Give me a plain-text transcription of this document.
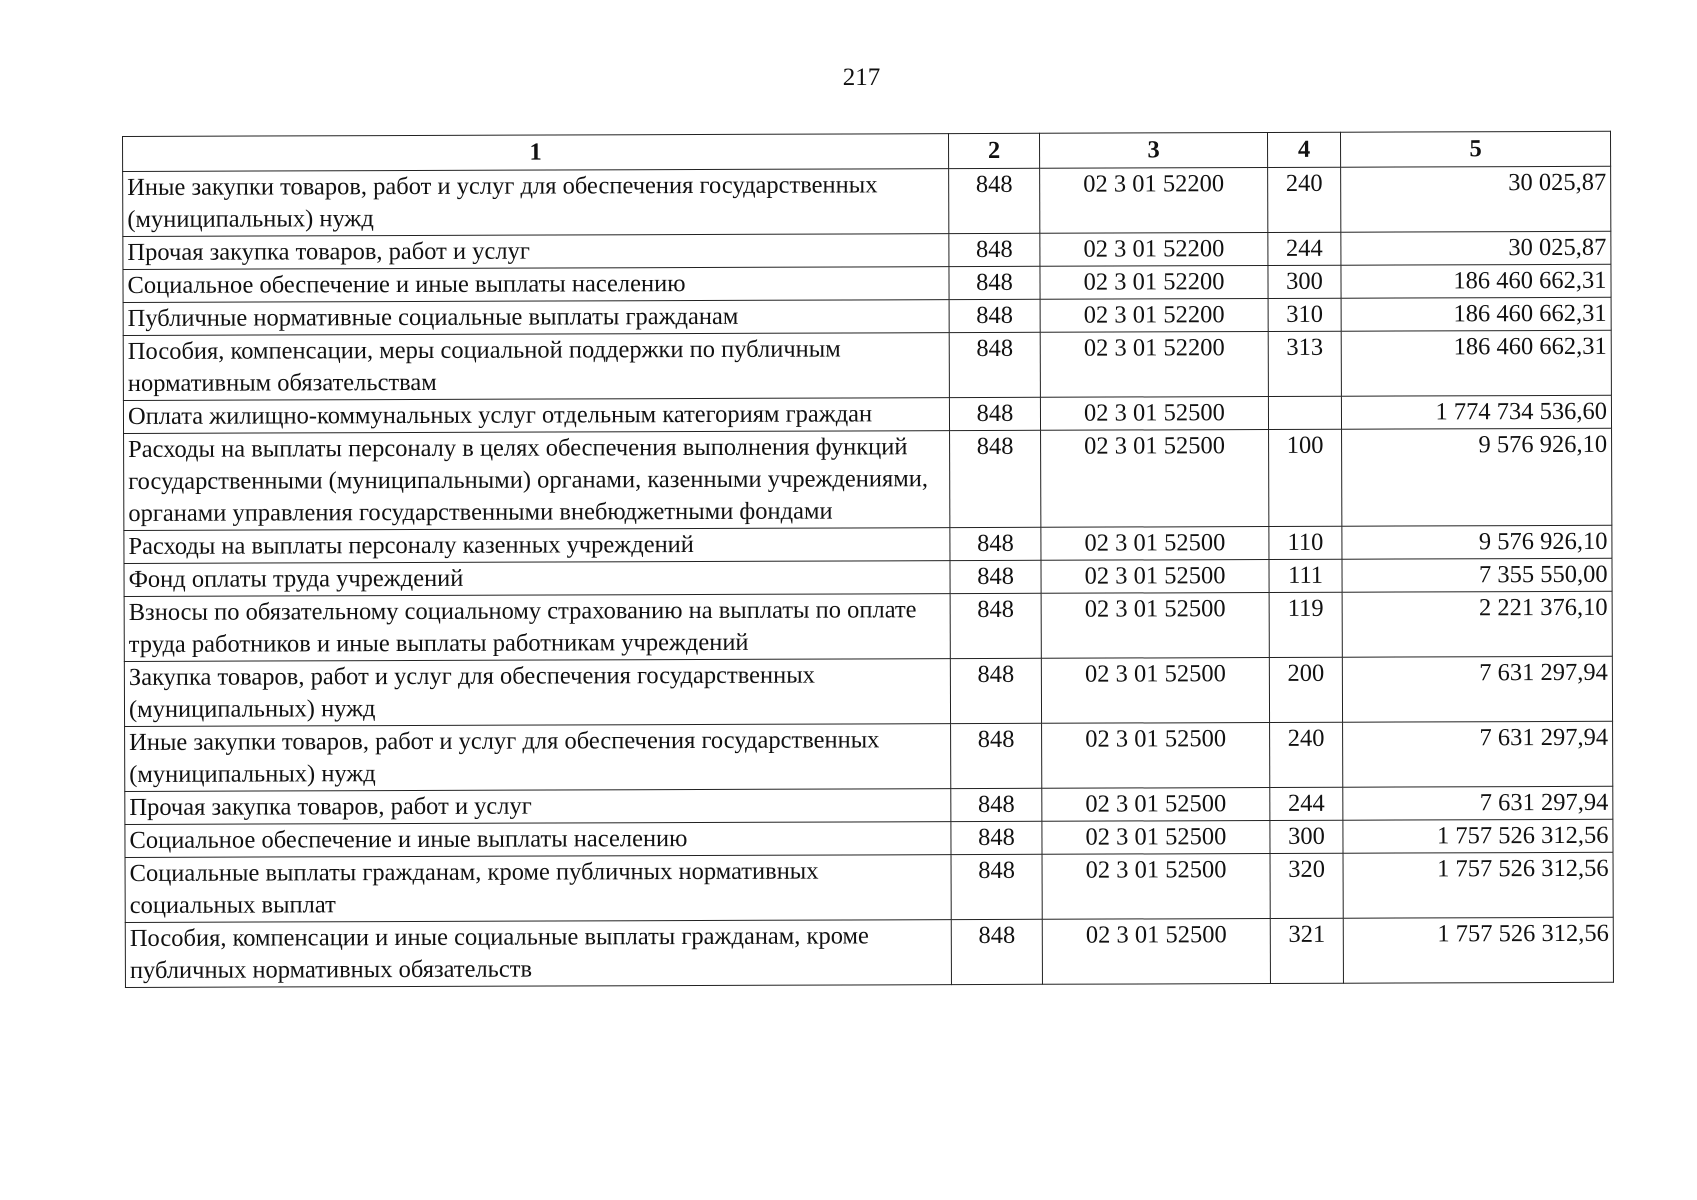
217
1	2	3	4	5
Иные закупки товаров, работ и услуг для обеспечения государственных (муниципальных) нужд	848	02 3 01 52200	240	30 025,87
Прочая закупка товаров, работ и услуг	848	02 3 01 52200	244	30 025,87
Социальное обеспечение и иные выплаты населению	848	02 3 01 52200	300	186 460 662,31
Публичные нормативные социальные выплаты гражданам	848	02 3 01 52200	310	186 460 662,31
Пособия, компенсации, меры социальной поддержки по публичным нормативным обязательствам	848	02 3 01 52200	313	186 460 662,31
Оплата жилищно-коммунальных услуг отдельным категориям граждан	848	02 3 01 52500		1 774 734 536,60
Расходы на выплаты персоналу в целях обеспечения выполнения функций государственными (муниципальными) органами, казенными учреждениями, органами управления государственными внебюджетными фондами	848	02 3 01 52500	100	9 576 926,10
Расходы на выплаты персоналу казенных учреждений	848	02 3 01 52500	110	9 576 926,10
Фонд оплаты труда учреждений	848	02 3 01 52500	111	7 355 550,00
Взносы по обязательному социальному страхованию на выплаты по оплате труда работников и иные выплаты работникам учреждений	848	02 3 01 52500	119	2 221 376,10
Закупка товаров, работ и услуг для обеспечения государственных (муниципальных) нужд	848	02 3 01 52500	200	7 631 297,94
Иные закупки товаров, работ и услуг для обеспечения государственных (муниципальных) нужд	848	02 3 01 52500	240	7 631 297,94
Прочая закупка товаров, работ и услуг	848	02 3 01 52500	244	7 631 297,94
Социальное обеспечение и иные выплаты населению	848	02 3 01 52500	300	1 757 526 312,56
Социальные выплаты гражданам, кроме публичных нормативных социальных выплат	848	02 3 01 52500	320	1 757 526 312,56
Пособия, компенсации и иные социальные выплаты гражданам, кроме публичных нормативных обязательств	848	02 3 01 52500	321	1 757 526 312,56
